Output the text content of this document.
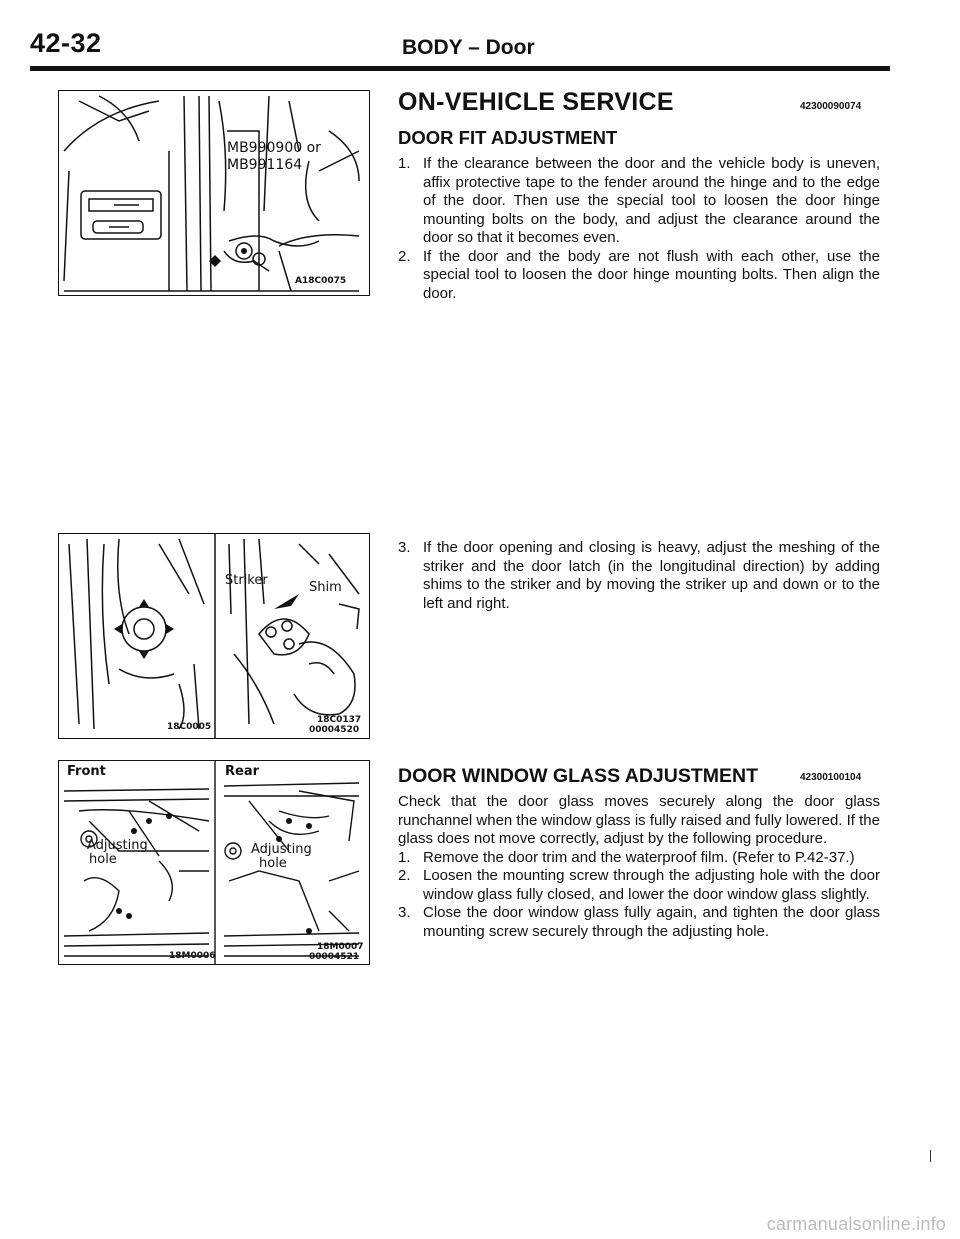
42-32	BODY – Door
MB990900 or
MB991164
A18C0075
Striker	Shim
18C0005
18C0137
00004520
Front
Adjusting
hole
Rear
Adjusting
hole
18M0006
18M0007
00004521
ON-VEHICLE SERVICE	42300090074
DOOR FIT ADJUSTMENT
1. If the clearance between the door and the vehicle body is uneven, affix protective tape to the fender around the hinge and to the edge of the door. Then use the special tool to loosen the door hinge mounting bolts on the body, and adjust the clearance around the door so that it becomes even.
2. If the door and the body are not flush with each other, use the special tool to loosen the door hinge mounting bolts. Then align the door.
3. If the door opening and closing is heavy, adjust the meshing of the striker and the door latch (in the longitudinal direction) by adding shims to the striker and by moving the striker up and down or to the left and right.
DOOR WINDOW GLASS ADJUSTMENT	42300100104

Check that the door glass moves securely along the door glass runchannel when the window glass is fully raised and fully lowered. If the glass does not move correctly, adjust by the following procedure.

1. Remove the door trim and the waterproof film. (Refer to P.42-37.)
2. Loosen the mounting screw through the adjusting hole with the door window glass fully closed, and lower the door window glass slightly.
3. Close the door window glass fully again, and tighten the door glass mounting screw securely through the adjusting hole.
carmanualsonline.info
